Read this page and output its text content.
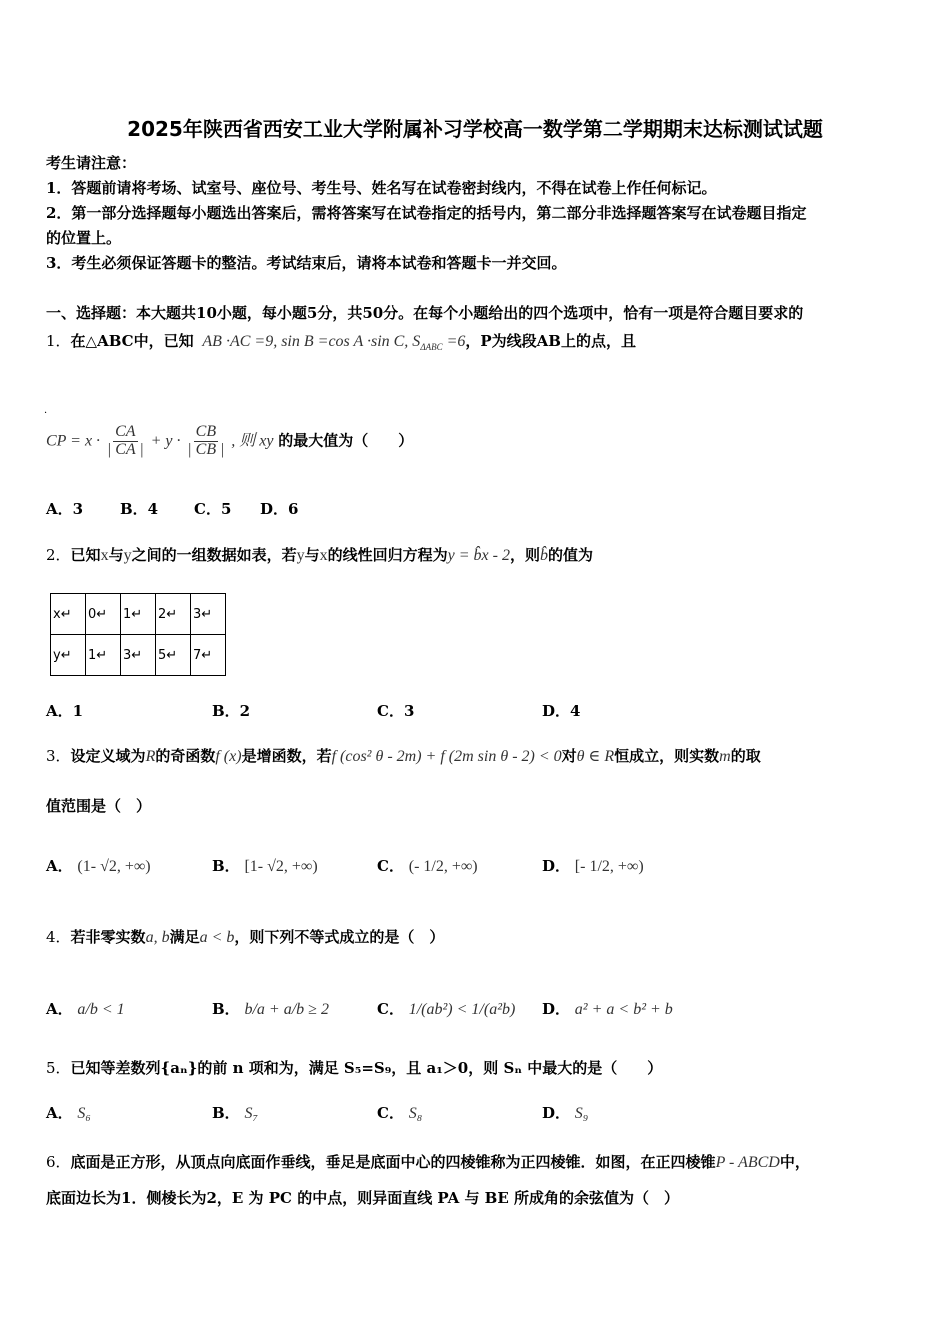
2025年陕西省西安工业大学附属补习学校高一数学第二学期期末达标测试试题
考生请注意：
1．答题前请将考场、试室号、座位号、考生号、姓名写在试卷密封线内，不得在试卷上作任何标记。
2．第一部分选择题每小题选出答案后，需将答案写在试卷指定的括号内，第二部分非选择题答案写在试卷题目指定
的位置上。
3．考生必须保证答题卡的整洁。考试结束后，请将本试卷和答题卡一并交回。
一、选择题：本大题共10小题，每小题5分，共50分。在每个小题给出的四个选项中，恰有一项是符合题目要求的
1．在△ABC中，已知 AB ·AC =9, sin B =cos A ·sin C, $S_{\Delta ABC} =6$，P为线段AB上的点，且
·
CP = $x \cdot \frac{CA}{| CA |} + y \cdot \frac{CB}{| CB |}$ , 则 xy 的最大值为（　　）
A．3 B．4 C．5 D．6
2．已知x与y之间的一组数据如表，若y与x的线性回归方程为y = b̂x - 2，则b̂的值为
x↵	0↵	1↵	2↵	3↵
y↵	1↵	3↵	5↵	7↵
A．1	B．2	C．3	D．4
3．设定义域为R的奇函数f (x)是增函数，若f (cos² θ - 2m) + f (2m sin θ - 2) < 0对θ ∈ R恒成立，则实数m的取
值范围是（　）
A． (1- √2, +∞)	B． [1- √2, +∞)	C． (- 1/2, +∞)	D． [- 1/2, +∞)
4．若非零实数a, b满足a < b，则下列不等式成立的是（　）
A． a/b < 1	B． b/a + a/b ≥ 2	C． 1/(ab²) < 1/(a²b) D． a² + a < b² + b
5．已知等差数列{aₙ}的前 n 项和为，满足 S₅=S₉，且 a₁＞0，则 Sₙ 中最大的是（　　）
A． S₆	B． S₇	C． S₈	D． S₉
6．底面是正方形，从顶点向底面作垂线，垂足是底面中心的四棱锥称为正四棱锥．如图，在正四棱锥P - ABCD中，
底面边长为1．侧棱长为2，E 为 PC 的中点，则异面直线 PA 与 BE 所成角的余弦值为（　）
